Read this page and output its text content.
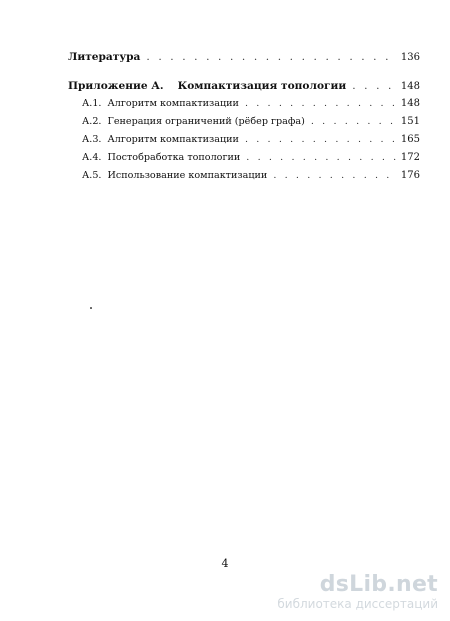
Литература . . .	136
Приложение А. Компактизация топологии . . .	148
А.1. Алгоритм компактизации . . .	148
А.2. Генерация ограничений (рёбер графа) . . .	151
А.3. Алгоритм компактизации . . .	165
А.4. Постобработка топологии . . .	172
А.5. Использование компактизации . . .	176
4
dsLib.net
библиотека диссертаций
